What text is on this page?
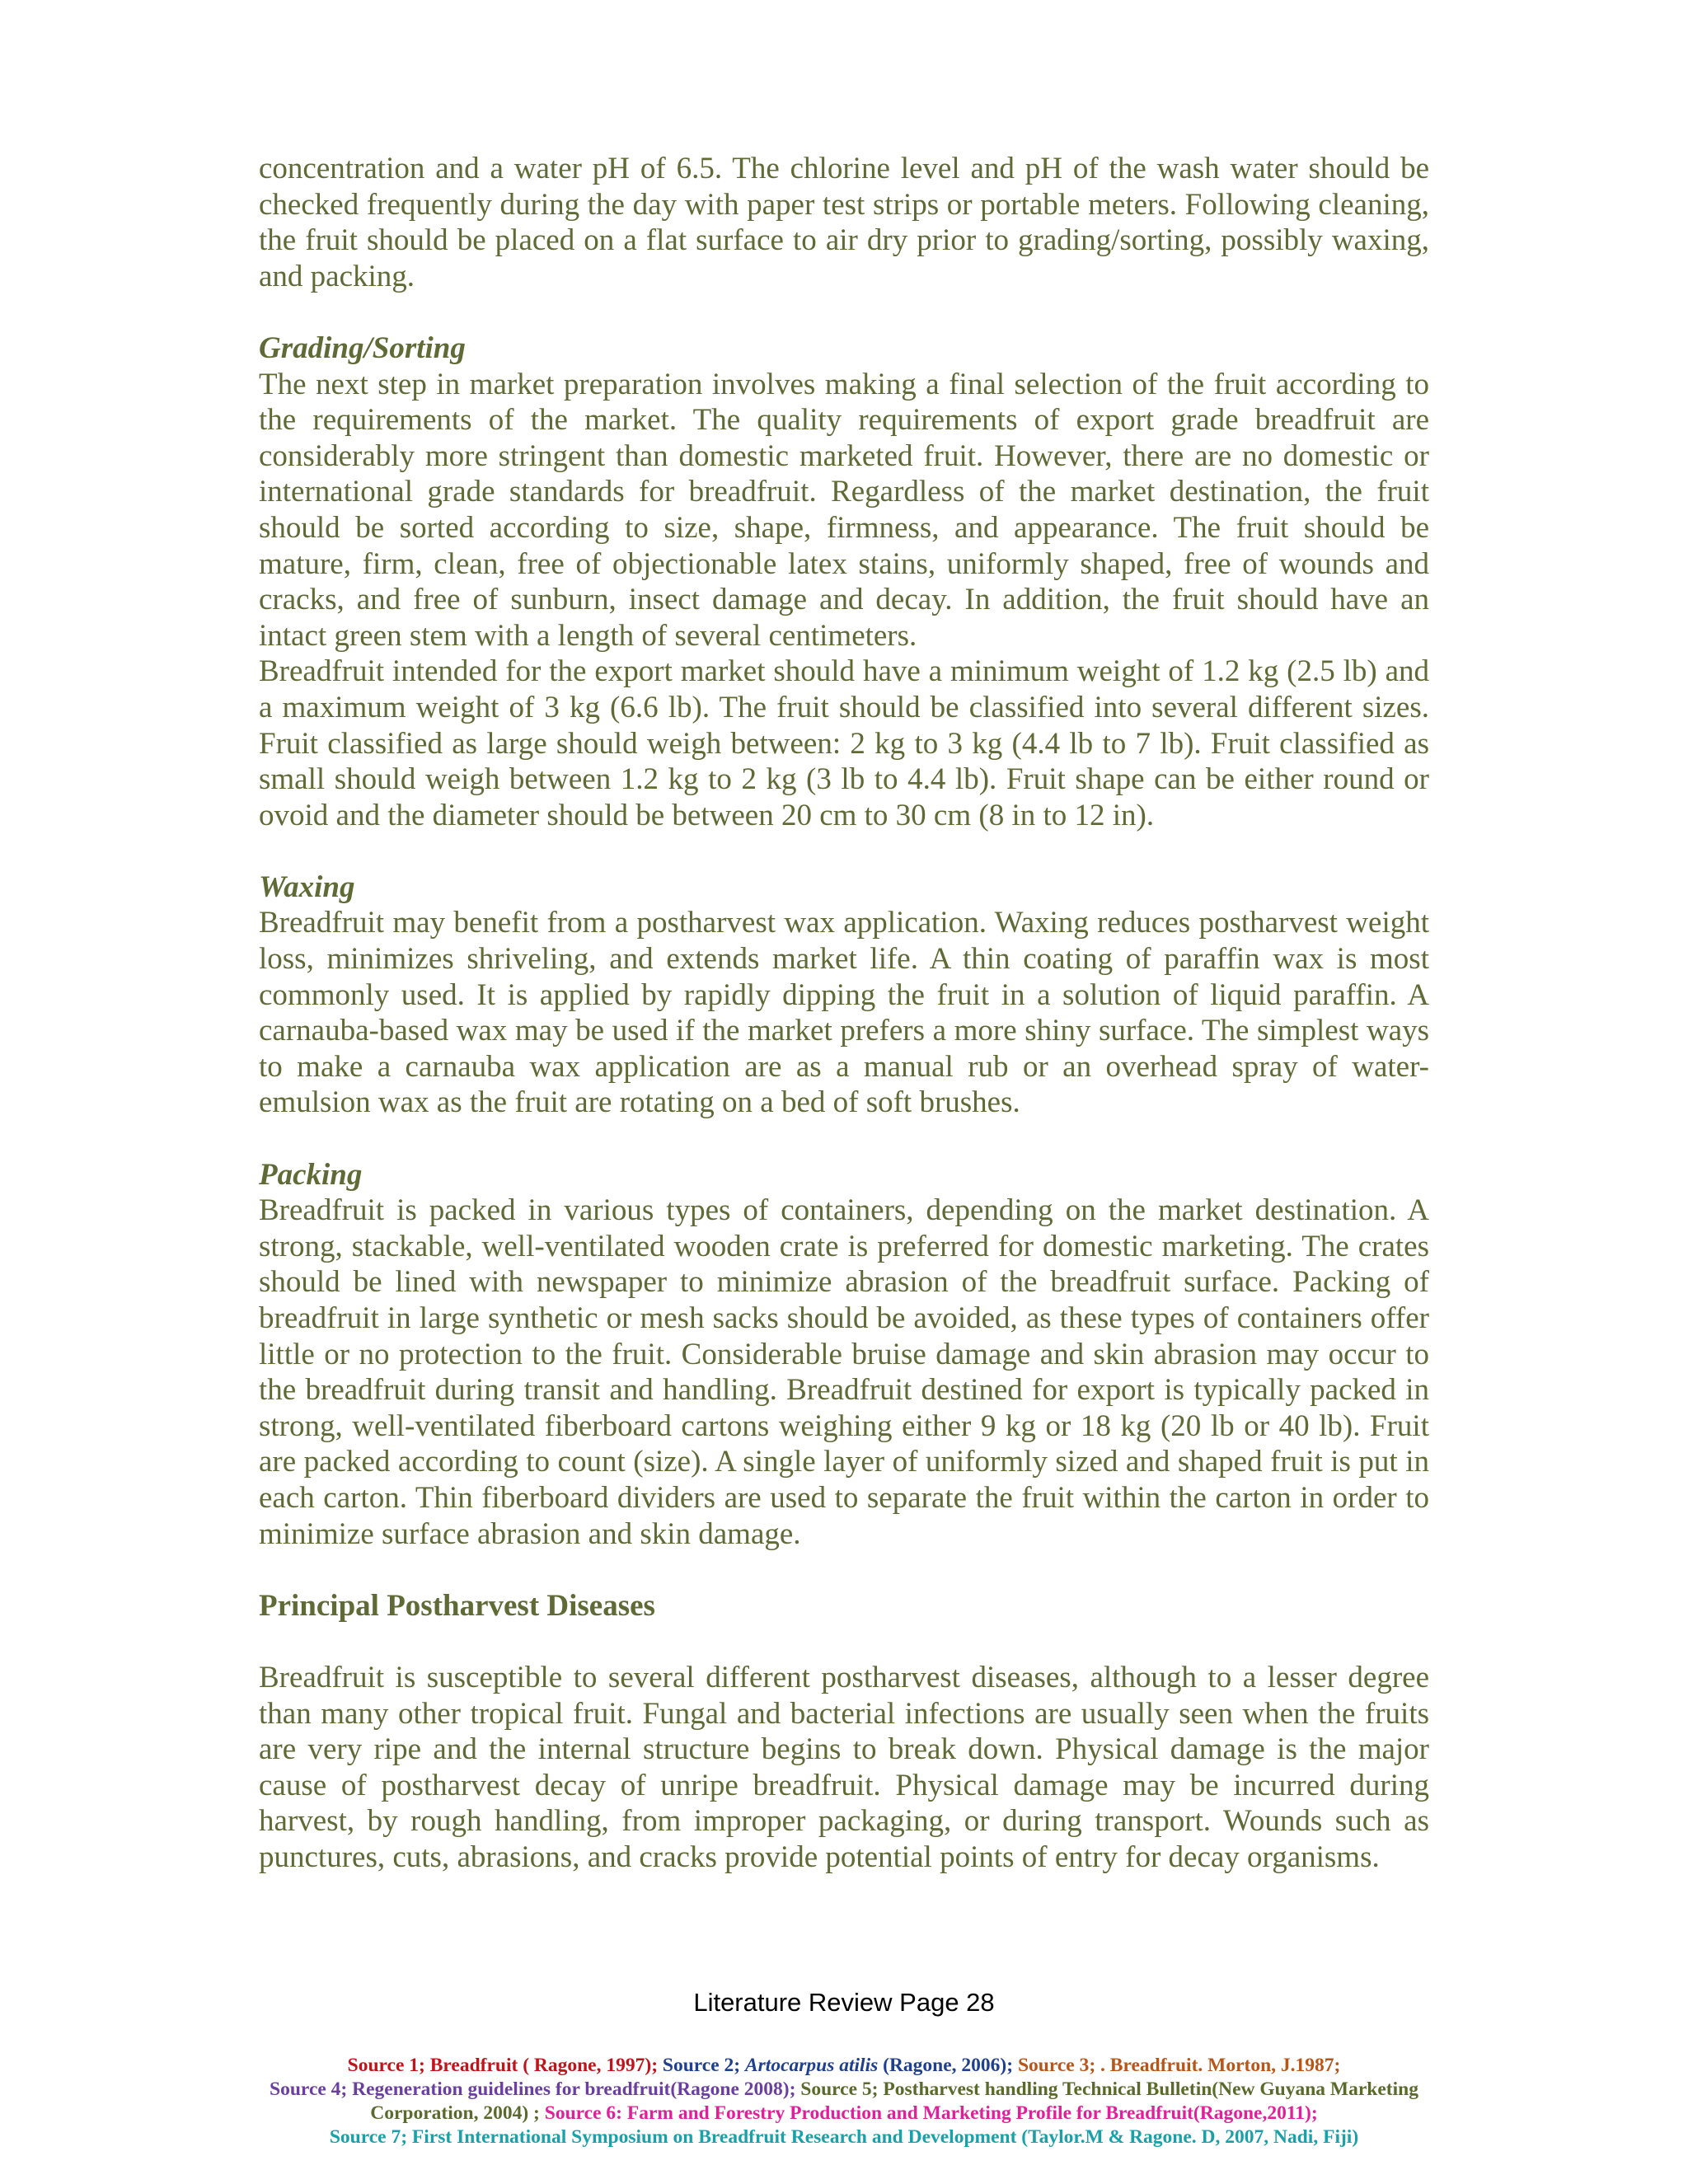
concentration and a water pH of 6.5. The chlorine level and pH of the wash water should be checked frequently during the day with paper test strips or portable meters. Following cleaning, the fruit should be placed on a flat surface to air dry prior to grading/sorting, possibly waxing, and packing.

Grading/Sorting

The next step in market preparation involves making a final selection of the fruit according to the requirements of the market. The quality requirements of export grade breadfruit are considerably more stringent than domestic marketed fruit. However, there are no domestic or international grade standards for breadfruit. Regardless of the market destination, the fruit should be sorted according to size, shape, firmness, and appearance. The fruit should be mature, firm, clean, free of objectionable latex stains, uniformly shaped, free of wounds and cracks, and free of sunburn, insect damage and decay. In addition, the fruit should have an intact green stem with a length of several centimeters.

Breadfruit intended for the export market should have a minimum weight of 1.2 kg (2.5 lb) and a maximum weight of 3 kg (6.6 lb). The fruit should be classified into several different sizes. Fruit classified as large should weigh between: 2 kg to 3 kg (4.4 lb to 7 lb). Fruit classified as small should weigh between 1.2 kg to 2 kg (3 lb to 4.4 lb). Fruit shape can be either round or ovoid and the diameter should be between 20 cm to 30 cm (8 in to 12 in).

Waxing

Breadfruit may benefit from a postharvest wax application. Waxing reduces postharvest weight loss, minimizes shriveling, and extends market life. A thin coating of paraffin wax is most commonly used. It is applied by rapidly dipping the fruit in a solution of liquid paraffin. A carnauba-based wax may be used if the market prefers a more shiny surface. The simplest ways to make a carnauba wax application are as a manual rub or an overhead spray of water-emulsion wax as the fruit are rotating on a bed of soft brushes.

Packing

Breadfruit is packed in various types of containers, depending on the market destination. A strong, stackable, well-ventilated wooden crate is preferred for domestic marketing. The crates should be lined with newspaper to minimize abrasion of the breadfruit surface. Packing of breadfruit in large synthetic or mesh sacks should be avoided, as these types of containers offer little or no protection to the fruit. Considerable bruise damage and skin abrasion may occur to the breadfruit during transit and handling. Breadfruit destined for export is typically packed in strong, well-ventilated fiberboard cartons weighing either 9 kg or 18 kg (20 lb or 40 lb). Fruit are packed according to count (size). A single layer of uniformly sized and shaped fruit is put in each carton. Thin fiberboard dividers are used to separate the fruit within the carton in order to minimize surface abrasion and skin damage.

Principal Postharvest Diseases

Breadfruit is susceptible to several different postharvest diseases, although to a lesser degree than many other tropical fruit. Fungal and bacterial infections are usually seen when the fruits are very ripe and the internal structure begins to break down. Physical damage is the major cause of postharvest decay of unripe breadfruit. Physical damage may be incurred during harvest, by rough handling, from improper packaging, or during transport. Wounds such as punctures, cuts, abrasions, and cracks provide potential points of entry for decay organisms.

Literature Review Page 28
Source 1; Breadfruit ( Ragone, 1997); Source 2; Artocarpus atilis (Ragone, 2006); Source 3; . Breadfruit. Morton, J.1987;
Source 4; Regeneration guidelines for breadfruit(Ragone 2008); Source 5; Postharvest handling Technical Bulletin(New Guyana Marketing Corporation, 2004) ; Source 6: Farm and Forestry Production and Marketing Profile for Breadfruit(Ragone,2011);
Source 7; First International Symposium on Breadfruit Research and Development (Taylor.M & Ragone. D, 2007, Nadi, Fiji)
